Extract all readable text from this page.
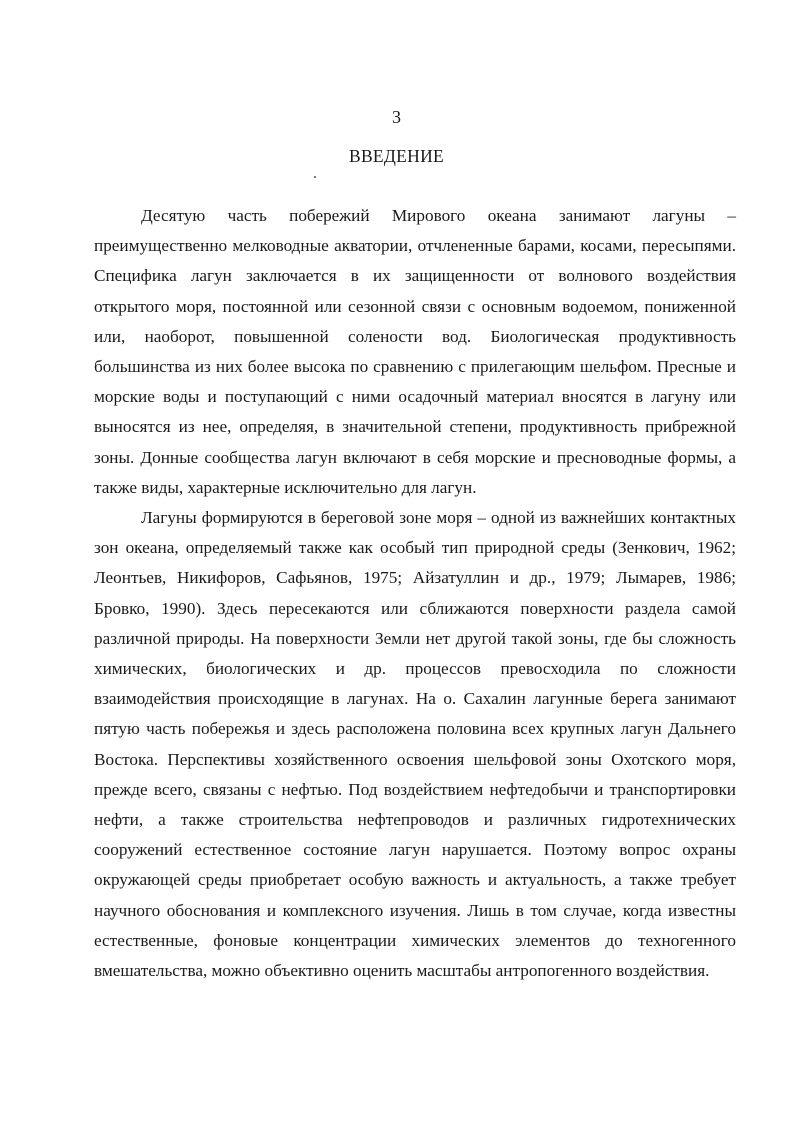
3
ВВЕДЕНИЕ

Десятую часть побережий Мирового океана занимают лагуны – преимущественно мелководные акватории, отчлененные барами, косами, пересыпями. Специфика лагун заключается в их защищенности от волнового воздействия открытого моря, постоянной или сезонной связи с основным водоемом, пониженной или, наоборот, повышенной солености вод. Биологическая продуктивность большинства из них более высока по сравнению с прилегающим шельфом. Пресные и морские воды и поступающий с ними осадочный материал вносятся в лагуну или выносятся из нее, определяя, в значительной степени, продуктивность прибрежной зоны. Донные сообщества лагун включают в себя морские и пресноводные формы, а также виды, характерные исключительно для лагун.

Лагуны формируются в береговой зоне моря – одной из важнейших контактных зон океана, определяемый также как особый тип природной среды (Зенкович, 1962; Леонтьев, Никифоров, Сафьянов, 1975; Айзатуллин и др., 1979; Лымарев, 1986; Бровко, 1990). Здесь пересекаются или сближаются поверхности раздела самой различной природы. На поверхности Земли нет другой такой зоны, где бы сложность химических, биологических и др. процессов превосходила по сложности взаимодействия происходящие в лагунах. На о. Сахалин лагунные берега занимают пятую часть побережья и здесь расположена половина всех крупных лагун Дальнего Востока. Перспективы хозяйственного освоения шельфовой зоны Охотского моря, прежде всего, связаны с нефтью. Под воздействием нефтедобычи и транспортировки нефти, а также строительства нефтепроводов и различных гидротехнических сооружений естественное состояние лагун нарушается. Поэтому вопрос охраны окружающей среды приобретает особую важность и актуальность, а также требует научного обоснования и комплексного изучения. Лишь в том случае, когда известны естественные, фоновые концентрации химических элементов до техногенного вмешательства, можно объективно оценить масштабы антропогенного воздействия.
